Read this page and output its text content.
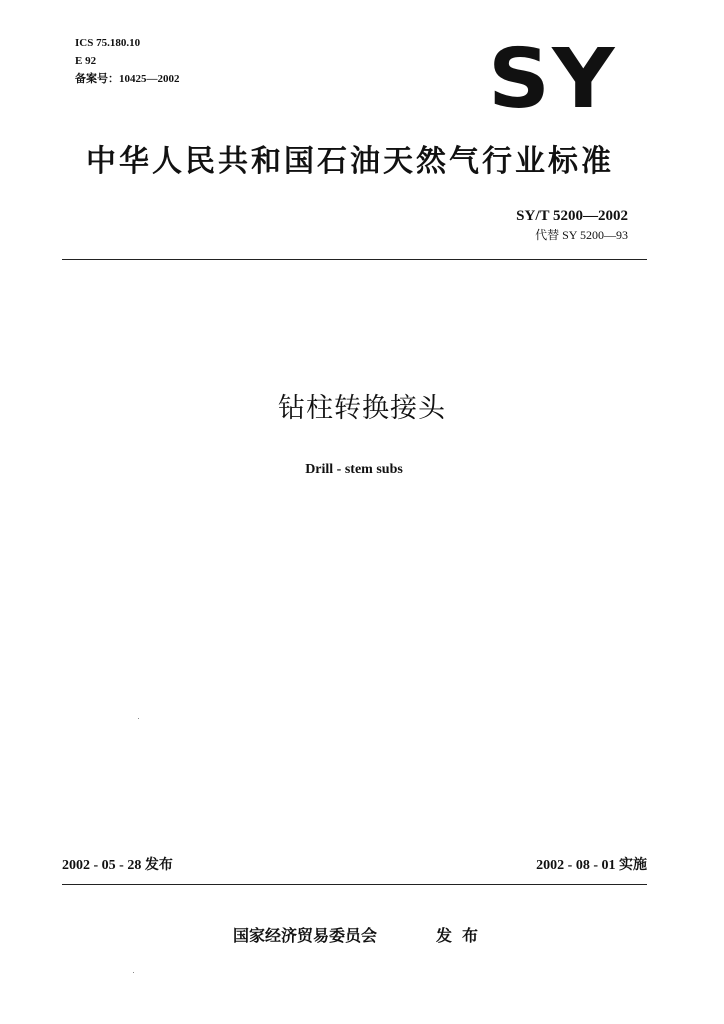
ICS 75.180.10
E 92
备案号：10425—2002	SY
中华人民共和国石油天然气行业标准
SY/T 5200—2002
代替 SY 5200—93
钻柱转换接头
Drill - stem subs
2002 - 05 - 28 发布	2002 - 08 - 01 实施
国家经济贸易委员会	发布
